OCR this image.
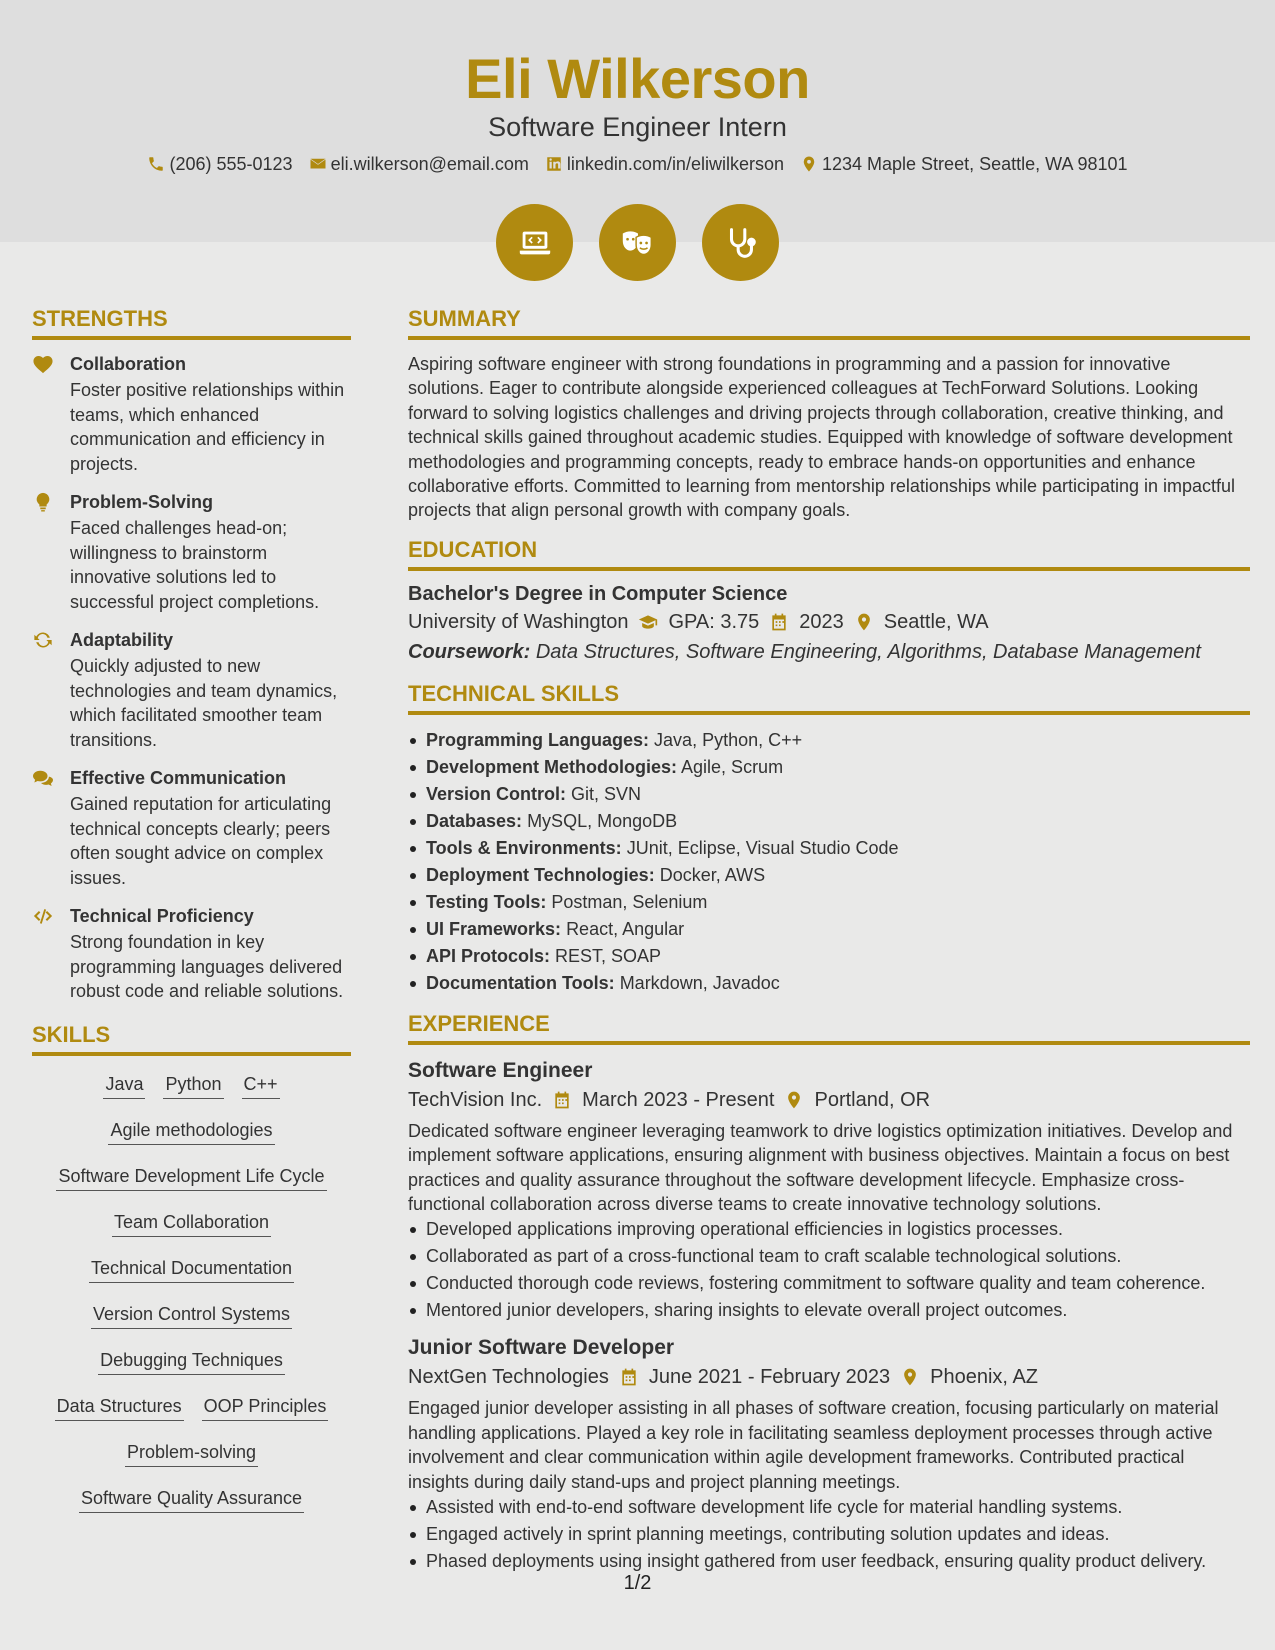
Eli Wilkerson
Software Engineer Intern
(206) 555-0123 eli.wilkerson@email.com linkedin.com/in/eliwilkerson 1234 Maple Street, Seattle, WA 98101
STRENGTHS
Collaboration
Foster positive relationships within teams, which enhanced communication and efficiency in projects.
Problem-Solving
Faced challenges head-on; willingness to brainstorm innovative solutions led to successful project completions.
Adaptability
Quickly adjusted to new technologies and team dynamics, which facilitated smoother team transitions.
Effective Communication
Gained reputation for articulating technical concepts clearly; peers often sought advice on complex issues.
Technical Proficiency
Strong foundation in key programming languages delivered robust code and reliable solutions.
SKILLS
Java Python C++
Agile methodologies
Software Development Life Cycle
Team Collaboration
Technical Documentation
Version Control Systems
Debugging Techniques
Data Structures OOP Principles
Problem-solving
Software Quality Assurance
SUMMARY
Aspiring software engineer with strong foundations in programming and a passion for innovative solutions. Eager to contribute alongside experienced colleagues at TechForward Solutions. Looking forward to solving logistics challenges and driving projects through collaboration, creative thinking, and technical skills gained throughout academic studies. Equipped with knowledge of software development methodologies and programming concepts, ready to embrace hands-on opportunities and enhance collaborative efforts. Committed to learning from mentorship relationships while participating in impactful projects that align personal growth with company goals.
EDUCATION
Bachelor's Degree in Computer Science
University of Washington GPA: 3.75 2023 Seattle, WA
Coursework: Data Structures, Software Engineering, Algorithms, Database Management
TECHNICAL SKILLS
Programming Languages: Java, Python, C++
Development Methodologies: Agile, Scrum
Version Control: Git, SVN
Databases: MySQL, MongoDB
Tools & Environments: JUnit, Eclipse, Visual Studio Code
Deployment Technologies: Docker, AWS
Testing Tools: Postman, Selenium
UI Frameworks: React, Angular
API Protocols: REST, SOAP
Documentation Tools: Markdown, Javadoc
EXPERIENCE
Software Engineer
TechVision Inc. March 2023 - Present Portland, OR
Dedicated software engineer leveraging teamwork to drive logistics optimization initiatives. Develop and implement software applications, ensuring alignment with business objectives. Maintain a focus on best practices and quality assurance throughout the software development lifecycle. Emphasize cross-functional collaboration across diverse teams to create innovative technology solutions.
Developed applications improving operational efficiencies in logistics processes.
Collaborated as part of a cross-functional team to craft scalable technological solutions.
Conducted thorough code reviews, fostering commitment to software quality and team coherence.
Mentored junior developers, sharing insights to elevate overall project outcomes.
Junior Software Developer
NextGen Technologies June 2021 - February 2023 Phoenix, AZ
Engaged junior developer assisting in all phases of software creation, focusing particularly on material handling applications. Played a key role in facilitating seamless deployment processes through active involvement and clear communication within agile development frameworks. Contributed practical insights during daily stand-ups and project planning meetings.
Assisted with end-to-end software development life cycle for material handling systems.
Engaged actively in sprint planning meetings, contributing solution updates and ideas.
Phased deployments using insight gathered from user feedback, ensuring quality product delivery.
1/2
